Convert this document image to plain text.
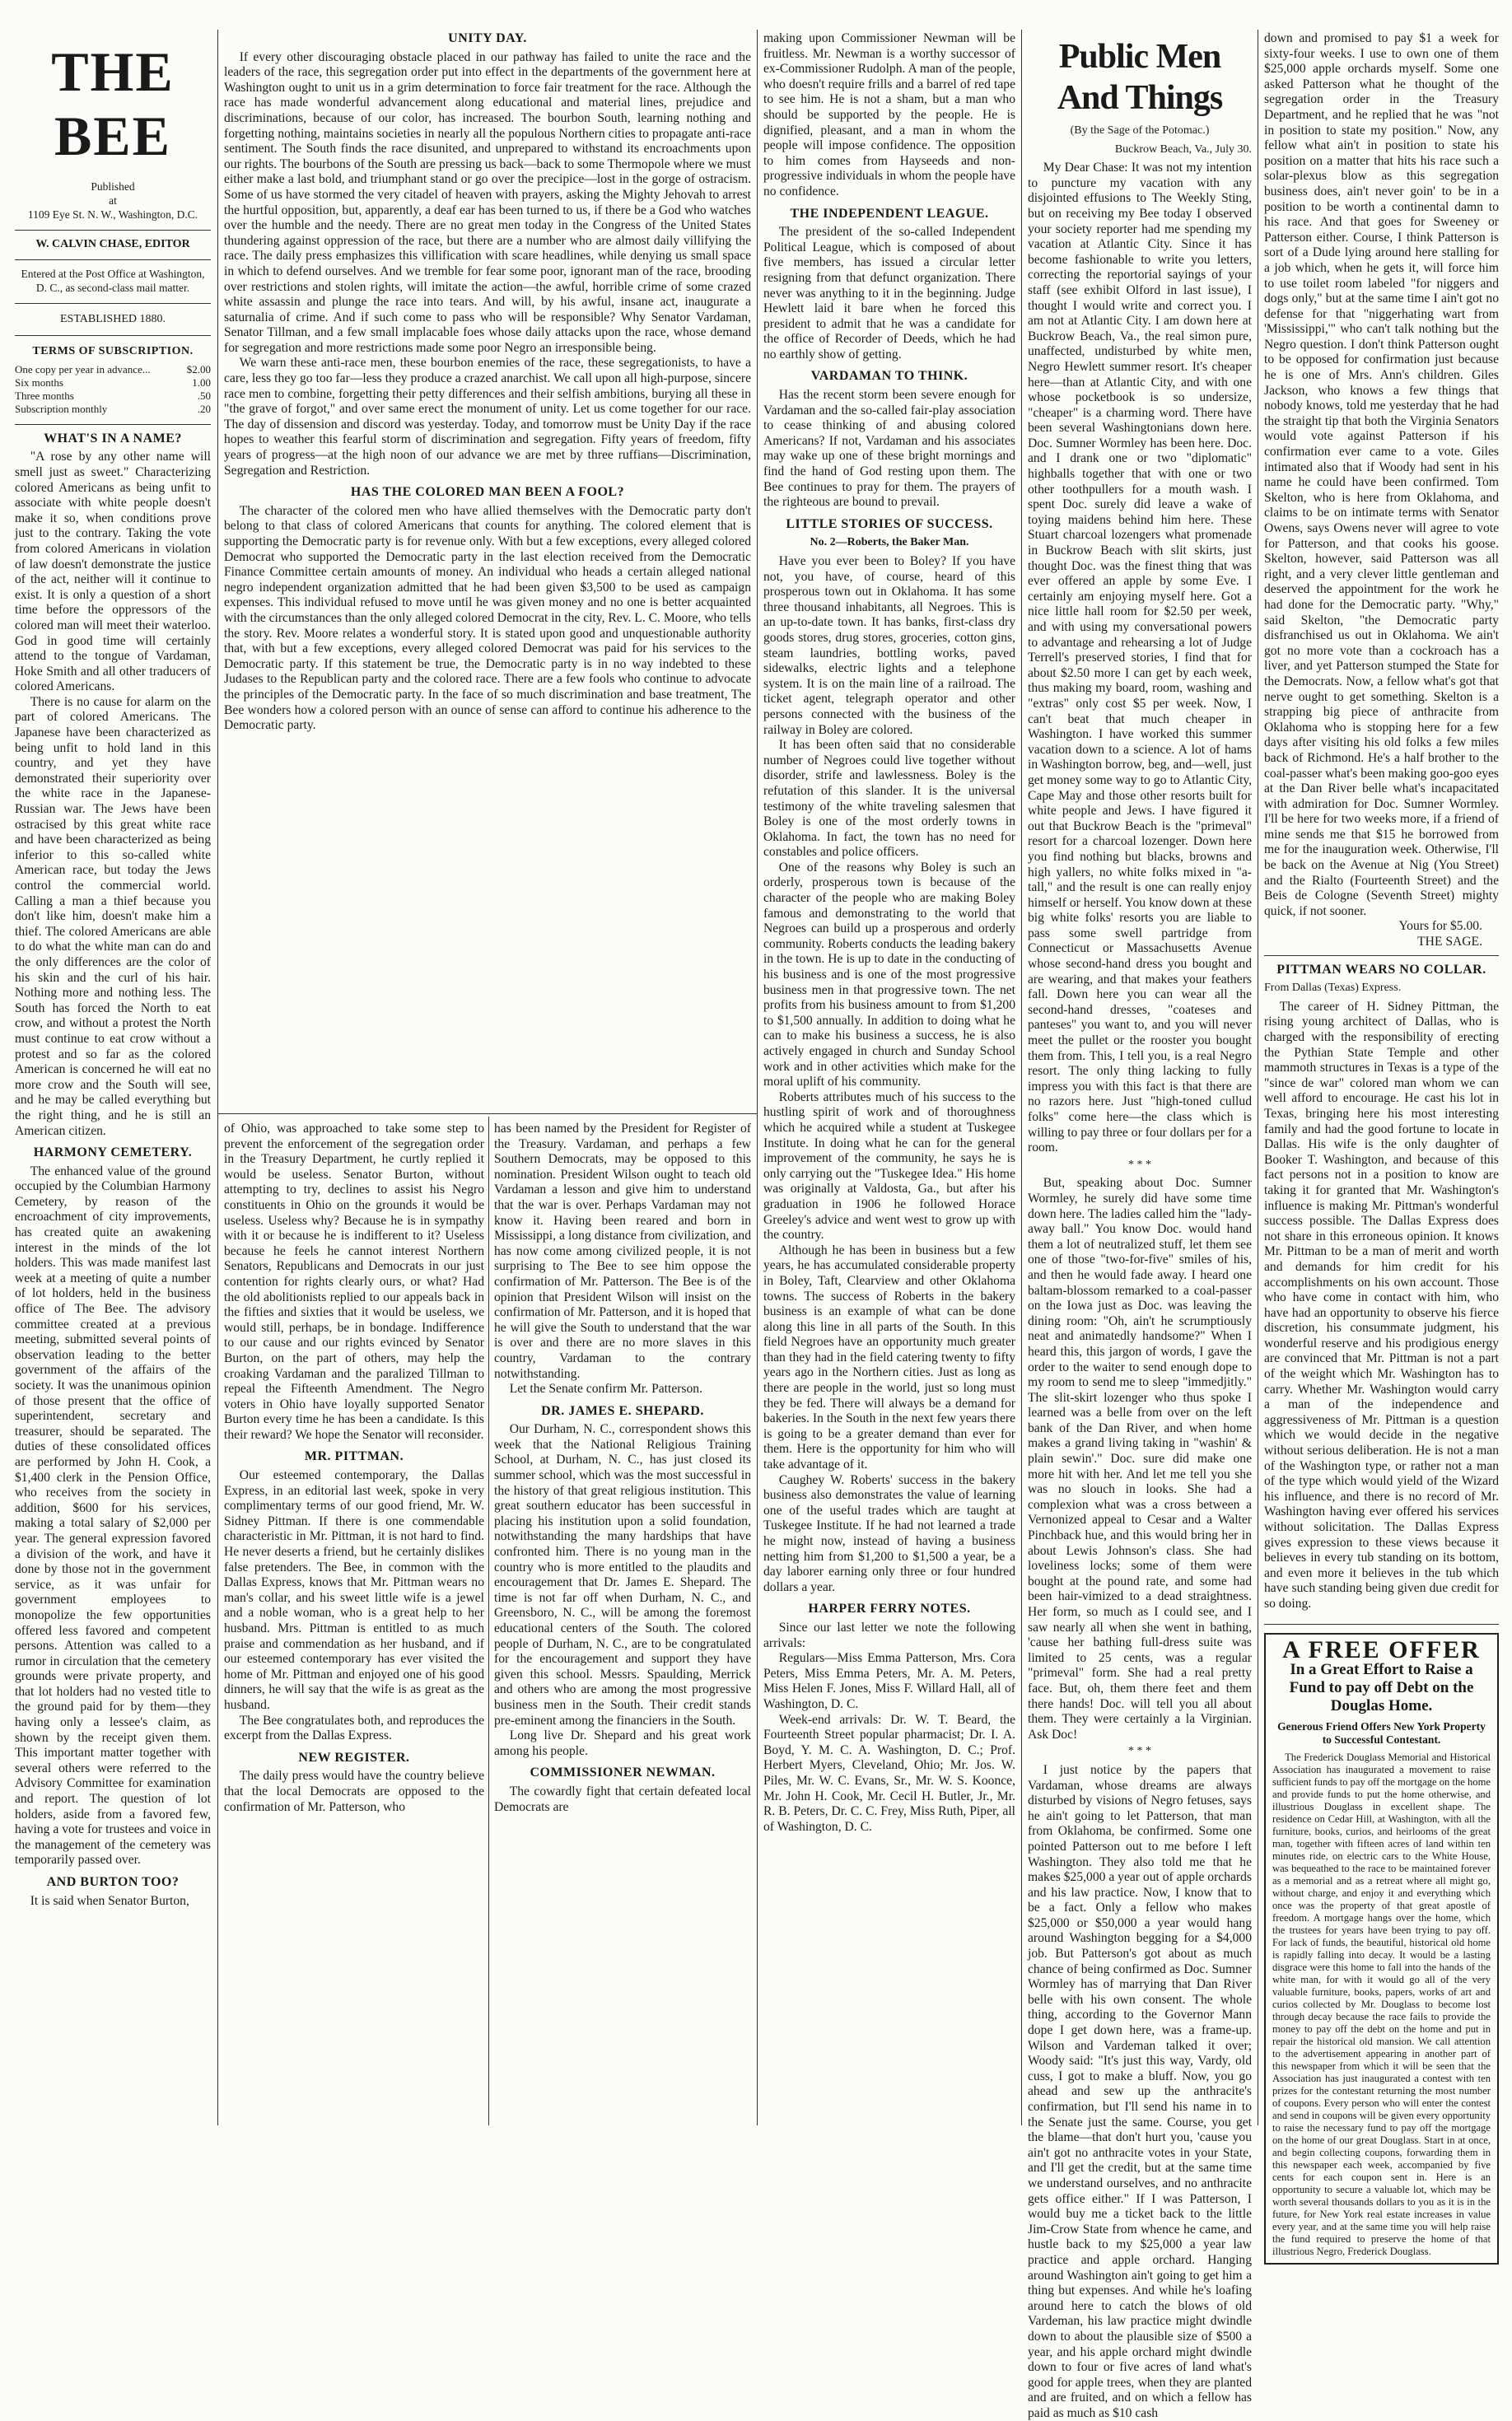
THE BEE
Published
at
1109 Eye St. N. W., Washington, D.C.
W. CALVIN CHASE, EDITOR
Entered at the Post Office at Washington, D. C., as second-class mail matter.
ESTABLISHED 1880.
TERMS OF SUBSCRIPTION.
One copy per year in advance...	$2.00
Six months	1.00
Three months	.50
Subscription monthly	.20
WHAT'S IN A NAME?

"A rose by any other name will smell just as sweet." Characterizing colored Americans as being unfit to associate with white people doesn't make it so, when conditions prove just to the contrary. Taking the vote from colored Americans in violation of law doesn't demonstrate the justice of the act, neither will it continue to exist. It is only a question of a short time before the oppressors of the colored man will meet their waterloo. God in good time will certainly attend to the tongue of Vardaman, Hoke Smith and all other traducers of colored Americans.

There is no cause for alarm on the part of colored Americans. The Japanese have been characterized as being unfit to hold land in this country, and yet they have demonstrated their superiority over the white race in the Japanese-Russian war. The Jews have been ostracised by this great white race and have been characterized as being inferior to this so-called white American race, but today the Jews control the commercial world. Calling a man a thief because you don't like him, doesn't make him a thief. The colored Americans are able to do what the white man can do and the only differences are the color of his skin and the curl of his hair. Nothing more and nothing less. The South has forced the North to eat crow, and without a protest the North must continue to eat crow without a protest and so far as the colored American is concerned he will eat no more crow and the South will see, and he may be called everything but the right thing, and he is still an American citizen.

HARMONY CEMETERY.

The enhanced value of the ground occupied by the Columbian Harmony Cemetery, by reason of the encroachment of city improvements, has created quite an awakening interest in the minds of the lot holders. This was made manifest last week at a meeting of quite a number of lot holders, held in the business office of The Bee. The advisory committee created at a previous meeting, submitted several points of observation leading to the better government of the affairs of the society. It was the unanimous opinion of those present that the office of superintendent, secretary and treasurer, should be separated. The duties of these consolidated offices are performed by John H. Cook, a $1,400 clerk in the Pension Office, who receives from the society in addition, $600 for his services, making a total salary of $2,000 per year. The general expression favored a division of the work, and have it done by those not in the government service, as it was unfair for government employees to monopolize the few opportunities offered less favored and competent persons. Attention was called to a rumor in circulation that the cemetery grounds were private property, and that lot holders had no vested title to the ground paid for by them—they having only a lessee's claim, as shown by the receipt given them. This important matter together with several others were referred to the Advisory Committee for examination and report. The question of lot holders, aside from a favored few, having a vote for trustees and voice in the management of the cemetery was temporarily passed over.

AND BURTON TOO?

It is said when Senator Burton,

UNITY DAY.

If every other discouraging obstacle placed in our pathway has failed to unite the race and the leaders of the race, this segregation order put into effect in the departments of the government here at Washington ought to unit us in a grim determination to force fair treatment for the race. Although the race has made wonderful advancement along educational and material lines, prejudice and discriminations, because of our color, has increased. The bourbon South, learning nothing and forgetting nothing, maintains societies in nearly all the populous Northern cities to propagate anti-race sentiment. The South finds the race disunited, and unprepared to withstand its encroachments upon our rights. The bourbons of the South are pressing us back—back to some Thermopole where we must either make a last bold, and triumphant stand or go over the precipice—lost in the gorge of ostracism. Some of us have stormed the very citadel of heaven with prayers, asking the Mighty Jehovah to arrest the hurtful opposition, but, apparently, a deaf ear has been turned to us, if there be a God who watches over the humble and the needy. There are no great men today in the Congress of the United States thundering against oppression of the race, but there are a number who are almost daily villifying the race. The daily press emphasizes this villification with scare headlines, while denying us small space in which to defend ourselves. And we tremble for fear some poor, ignorant man of the race, brooding over restrictions and stolen rights, will imitate the action—the awful, horrible crime of some crazed white assassin and plunge the race into tears. And will, by his awful, insane act, inaugurate a saturnalia of crime. And if such come to pass who will be responsible? Why Senator Vardaman, Senator Tillman, and a few small implacable foes whose daily attacks upon the race, whose demand for segregation and more restrictions made some poor Negro an irresponsible being.

We warn these anti-race men, these bourbon enemies of the race, these segregationists, to have a care, less they go too far—less they produce a crazed anarchist. We call upon all high-purpose, sincere race men to combine, forgetting their petty differences and their selfish ambitions, burying all these in "the grave of forgot," and over same erect the monument of unity. Let us come together for our race. The day of dissension and discord was yesterday. Today, and tomorrow must be Unity Day if the race hopes to weather this fearful storm of discrimination and segregation. Fifty years of freedom, fifty years of progress—at the high noon of our advance we are met by three ruffians—Discrimination, Segregation and Restriction.

HAS THE COLORED MAN BEEN A FOOL?

The character of the colored men who have allied themselves with the Democratic party don't belong to that class of colored Americans that counts for anything. The colored element that is supporting the Democratic party is for revenue only. With but a few exceptions, every alleged colored Democrat who supported the Democratic party in the last election received from the Democratic Finance Committee certain amounts of money. An individual who heads a certain alleged national negro independent organization admitted that he had been given $3,500 to be used as campaign expenses. This individual refused to move until he was given money and no one is better acquainted with the circumstances than the only alleged colored Democrat in the city, Rev. L. C. Moore, who tells the story. Rev. Moore relates a wonderful story. It is stated upon good and unquestionable authority that, with but a few exceptions, every alleged colored Democrat was paid for his services to the Democratic party. If this statement be true, the Democratic party is in no way indebted to these Judases to the Republican party and the colored race. There are a few fools who continue to advocate the principles of the Democratic party. In the face of so much discrimination and base treatment, The Bee wonders how a colored person with an ounce of sense can afford to continue his adherence to the Democratic party.

of Ohio, was approached to take some step to prevent the enforcement of the segregation order in the Treasury Department, he curtly replied it would be useless. Senator Burton, without attempting to try, declines to assist his Negro constituents in Ohio on the grounds it would be useless. Useless why? Because he is in sympathy with it or because he is indifferent to it? Useless because he feels he cannot interest Northern Senators, Republicans and Democrats in our just contention for rights clearly ours, or what? Had the old abolitionists replied to our appeals back in the fifties and sixties that it would be useless, we would still, perhaps, be in bondage. Indifference to our cause and our rights evinced by Senator Burton, on the part of others, may help the croaking Vardaman and the paralized Tillman to repeal the Fifteenth Amendment. The Negro voters in Ohio have loyally supported Senator Burton every time he has been a candidate. Is this their reward? We hope the Senator will reconsider.

MR. PITTMAN.

Our esteemed contemporary, the Dallas Express, in an editorial last week, spoke in very complimentary terms of our good friend, Mr. W. Sidney Pittman. If there is one commendable characteristic in Mr. Pittman, it is not hard to find. He never deserts a friend, but he certainly dislikes false pretenders. The Bee, in common with the Dallas Express, knows that Mr. Pittman wears no man's collar, and his sweet little wife is a jewel and a noble woman, who is a great help to her husband. Mrs. Pittman is entitled to as much praise and commendation as her husband, and if our esteemed contemporary has ever visited the home of Mr. Pittman and enjoyed one of his good dinners, he will say that the wife is as great as the husband.

The Bee congratulates both, and reproduces the excerpt from the Dallas Express.

NEW REGISTER.

The daily press would have the country believe that the local Democrats are opposed to the confirmation of Mr. Patterson, who

has been named by the President for Register of the Treasury. Vardaman, and perhaps a few Southern Democrats, may be opposed to this nomination. President Wilson ought to teach old Vardaman a lesson and give him to understand that the war is over. Perhaps Vardaman may not know it. Having been reared and born in Mississippi, a long distance from civilization, and has now come among civilized people, it is not surprising to The Bee to see him oppose the confirmation of Mr. Patterson. The Bee is of the opinion that President Wilson will insist on the confirmation of Mr. Patterson, and it is hoped that he will give the South to understand that the war is over and there are no more slaves in this country, Vardaman to the contrary notwithstanding.

Let the Senate confirm Mr. Patterson.

DR. JAMES E. SHEPARD.

Our Durham, N. C., correspondent shows this week that the National Religious Training School, at Durham, N. C., has just closed its summer school, which was the most successful in the history of that great religious institution. This great southern educator has been successful in placing his institution upon a solid foundation, notwithstanding the many hardships that have confronted him. There is no young man in the country who is more entitled to the plaudits and encouragement that Dr. James E. Shepard. The time is not far off when Durham, N. C., and Greensboro, N. C., will be among the foremost educational centers of the South. The colored people of Durham, N. C., are to be congratulated for the encouragement and support they have given this school. Messrs. Spaulding, Merrick and others who are among the most progressive business men in the South. Their credit stands pre-eminent among the financiers in the South.

Long live Dr. Shepard and his great work among his people.

COMMISSIONER NEWMAN.

The cowardly fight that certain defeated local Democrats are

making upon Commissioner Newman will be fruitless. Mr. Newman is a worthy successor of ex-Commissioner Rudolph. A man of the people, who doesn't require frills and a barrel of red tape to see him. He is not a sham, but a man who should be supported by the people. He is dignified, pleasant, and a man in whom the people will impose confidence. The opposition to him comes from Hayseeds and non-progressive individuals in whom the people have no confidence.

THE INDEPENDENT LEAGUE.

The president of the so-called Independent Political League, which is composed of about five members, has issued a circular letter resigning from that defunct organization. There never was anything to it in the beginning. Judge Hewlett laid it bare when he forced this president to admit that he was a candidate for the office of Recorder of Deeds, which he had no earthly show of getting.

VARDAMAN TO THINK.

Has the recent storm been severe enough for Vardaman and the so-called fair-play association to cease thinking of and abusing colored Americans? If not, Vardaman and his associates may wake up one of these bright mornings and find the hand of God resting upon them. The Bee continues to pray for them. The prayers of the righteous are bound to prevail.

LITTLE STORIES OF SUCCESS.
No. 2—Roberts, the Baker Man.

Have you ever been to Boley? If you have not, you have, of course, heard of this prosperous town out in Oklahoma. It has some three thousand inhabitants, all Negroes. This is an up-to-date town. It has banks, first-class dry goods stores, drug stores, groceries, cotton gins, steam laundries, bottling works, paved sidewalks, electric lights and a telephone system. It is on the main line of a railroad. The ticket agent, telegraph operator and other persons connected with the business of the railway in Boley are colored.

It has been often said that no considerable number of Negroes could live together without disorder, strife and lawlessness. Boley is the refutation of this slander. It is the universal testimony of the white traveling salesmen that Boley is one of the most orderly towns in Oklahoma. In fact, the town has no need for constables and police officers.

One of the reasons why Boley is such an orderly, prosperous town is because of the character of the people who are making Boley famous and demonstrating to the world that Negroes can build up a prosperous and orderly community. Roberts conducts the leading bakery in the town. He is up to date in the conducting of his business and is one of the most progressive business men in that progressive town. The net profits from his business amount to from $1,200 to $1,500 annually. In addition to doing what he can to make his business a success, he is also actively engaged in church and Sunday School work and in other activities which make for the moral uplift of his community.

Roberts attributes much of his success to the hustling spirit of work and of thoroughness which he acquired while a student at Tuskegee Institute. In doing what he can for the general improvement of the community, he says he is only carrying out the "Tuskegee Idea." His home was originally at Valdosta, Ga., but after his graduation in 1906 he followed Horace Greeley's advice and went west to grow up with the country.

Although he has been in business but a few years, he has accumulated considerable property in Boley, Taft, Clearview and other Oklahoma towns. The success of Roberts in the bakery business is an example of what can be done along this line in all parts of the South. In this field Negroes have an opportunity much greater than they had in the field catering twenty to fifty years ago in the Northern cities. Just as long as there are people in the world, just so long must they be fed. There will always be a demand for bakeries. In the South in the next few years there is going to be a greater demand than ever for them. Here is the opportunity for him who will take advantage of it.

Caughey W. Roberts' success in the bakery business also demonstrates the value of learning one of the useful trades which are taught at Tuskegee Institute. If he had not learned a trade he might now, instead of having a business netting him from $1,200 to $1,500 a year, be a day laborer earning only three or four hundred dollars a year.

HARPER FERRY NOTES.

Since our last letter we note the following arrivals:

Regulars—Miss Emma Patterson, Mrs. Cora Peters, Miss Emma Peters, Mr. A. M. Peters, Miss Helen F. Jones, Miss F. Willard Hall, all of Washington, D. C.

Week-end arrivals: Dr. W. T. Beard, the Fourteenth Street popular pharmacist; Dr. I. A. Boyd, Y. M. C. A. Washington, D. C.; Prof. Herbert Myers, Cleveland, Ohio; Mr. Jos. W. Piles, Mr. W. C. Evans, Sr., Mr. W. S. Koonce, Mr. John H. Cook, Mr. Cecil H. Butler, Jr., Mr. R. B. Peters, Dr. C. C. Frey, Miss Ruth, Piper, all of Washington, D. C.

Public Men And Things
(By the Sage of the Potomac.)
Buckrow Beach, Va., July 30.

My Dear Chase: It was not my intention to puncture my vacation with any disjointed effusions to The Weekly Sting, but on receiving my Bee today I observed your society reporter had me spending my vacation at Atlantic City. Since it has become fashionable to write you letters, correcting the reportorial sayings of your staff (see exhibit Olford in last issue), I thought I would write and correct you. I am not at Atlantic City. I am down here at Buckrow Beach, Va., the real simon pure, unaffected, undisturbed by white men, Negro Hewlett summer resort. It's cheaper here—than at Atlantic City, and with one whose pocketbook is so undersize, "cheaper" is a charming word. There have been several Washingtonians down here. Doc. Sumner Wormley has been here. Doc. and I drank one or two "diplomatic" highballs together that with one or two other toothpullers for a mouth wash. I spent Doc. surely did leave a wake of toying maidens behind him here. These Stuart charcoal lozengers what promenade in Buckrow Beach with slit skirts, just thought Doc. was the finest thing that was ever offered an apple by some Eve. I certainly am enjoying myself here. Got a nice little hall room for $2.50 per week, and with using my conversational powers to advantage and rehearsing a lot of Judge Terrell's preserved stories, I find that for about $2.50 more I can get by each week, thus making my board, room, washing and "extras" only cost $5 per week. Now, I can't beat that much cheaper in Washington. I have worked this summer vacation down to a science. A lot of hams in Washington borrow, beg, and—well, just get money some way to go to Atlantic City, Cape May and those other resorts built for white people and Jews. I have figured it out that Buckrow Beach is the "primeval" resort for a charcoal lozenger. Down here you find nothing but blacks, browns and high yallers, no white folks mixed in "a-tall," and the result is one can really enjoy himself or herself. You know down at these big white folks' resorts you are liable to pass some swell partridge from Connecticut or Massachusetts Avenue whose second-hand dress you bought and are wearing, and that makes your feathers fall. Down here you can wear all the second-hand dresses, "coateses and panteses" you want to, and you will never meet the pullet or the rooster you bought them from. This, I tell you, is a real Negro resort. The only thing lacking to fully impress you with this fact is that there are no razors here. Just "high-toned cullud folks" come here—the class which is willing to pay three or four dollars per for a room.

* * *

But, speaking about Doc. Sumner Wormley, he surely did have some time down here. The ladies called him the "lady-away ball." You know Doc. would hand them a lot of neutralized stuff, let them see one of those "two-for-five" smiles of his, and then he would fade away. I heard one baltam-blossom remarked to a coal-passer on the Iowa just as Doc. was leaving the dining room: "Oh, ain't he scrumptiously neat and animatedly handsome?" When I heard this, this jargon of words, I gave the order to the waiter to send enough dope to my room to send me to sleep "immedjitly." The slit-skirt lozenger who thus spoke I learned was a belle from over on the left bank of the Dan River, and when home makes a grand living taking in "washin' & plain sewin'." Doc. sure did make one more hit with her. And let me tell you she was no slouch in looks. She had a complexion what was a cross between a Vernonized appeal to Cesar and a Walter Pinchback hue, and this would bring her in about Lewis Johnson's class. She had loveliness locks; some of them were bought at the pound rate, and some had been hair-vimized to a dead straightness. Her form, so much as I could see, and I saw nearly all when she went in bathing, 'cause her bathing full-dress suite was limited to 25 cents, was a regular "primeval" form. She had a real pretty face. But, oh, them there feet and them there hands! Doc. will tell you all about them. They were certainly a la Virginian. Ask Doc!

* * *

I just notice by the papers that Vardaman, whose dreams are always disturbed by visions of Negro fetuses, says he ain't going to let Patterson, that man from Oklahoma, be confirmed. Some one pointed Patterson out to me before I left Washington. They also told me that he makes $25,000 a year out of apple orchards and his law practice. Now, I know that to be a fact. Only a fellow who makes $25,000 or $50,000 a year would hang around Washington begging for a $4,000 job. But Patterson's got about as much chance of being confirmed as Doc. Sumner Wormley has of marrying that Dan River belle with his own consent. The whole thing, according to the Governor Mann dope I get down here, was a frame-up. Wilson and Vardeman talked it over; Woody said: "It's just this way, Vardy, old cuss, I got to make a bluff. Now, you go ahead and sew up the anthracite's confirmation, but I'll send his name in to the Senate just the same. Course, you get the blame—that don't hurt you, 'cause you ain't got no anthracite votes in your State, and I'll get the credit, but at the same time we understand ourselves, and no anthracite gets office either." If I was Patterson, I would buy me a ticket back to the little Jim-Crow State from whence he came, and hustle back to my $25,000 a year law practice and apple orchard. Hanging around Washington ain't going to get him a thing but expenses. And while he's loafing around here to catch the blows of old Vardeman, his law practice might dwindle down to about the plausible size of $500 a year, and his apple orchard might dwindle down to four or five acres of land what's good for apple trees, when they are planted and are fruited, and on which a fellow has paid as much as $10 cash

down and promised to pay $1 a week for sixty-four weeks. I use to own one of them $25,000 apple orchards myself. Some one asked Patterson what he thought of the segregation order in the Treasury Department, and he replied that he was "not in position to state my position." Now, any fellow what ain't in position to state his position on a matter that hits his race such a solar-plexus blow as this segregation business does, ain't never goin' to be in a position to be worth a continental damn to his race. And that goes for Sweeney or Patterson either. Course, I think Patterson is sort of a Dude lying around here stalling for a job which, when he gets it, will force him to use toilet room labeled "for niggers and dogs only," but at the same time I ain't got no defense for that "niggerhating wart from 'Mississippi,'" who can't talk nothing but the Negro question. I don't think Patterson ought to be opposed for confirmation just because he is one of Mrs. Ann's children. Giles Jackson, who knows a few things that nobody knows, told me yesterday that he had the straight tip that both the Virginia Senators would vote against Patterson if his confirmation ever came to a vote. Giles intimated also that if Woody had sent in his name he could have been confirmed. Tom Skelton, who is here from Oklahoma, and claims to be on intimate terms with Senator Owens, says Owens never will agree to vote for Patterson, and that cooks his goose. Skelton, however, said Patterson was all right, and a very clever little gentleman and deserved the appointment for the work he had done for the Democratic party. "Why," said Skelton, "the Democratic party disfranchised us out in Oklahoma. We ain't got no more vote than a cockroach has a liver, and yet Patterson stumped the State for the Democrats. Now, a fellow what's got that nerve ought to get something. Skelton is a strapping big piece of anthracite from Oklahoma who is stopping here for a few days after visiting his old folks a few miles back of Richmond. He's a half brother to the coal-passer what's been making goo-goo eyes at the Dan River belle what's incapacitated with admiration for Doc. Sumner Wormley. I'll be here for two weeks more, if a friend of mine sends me that $15 he borrowed from me for the inauguration week. Otherwise, I'll be back on the Avenue at Nig (You Street) and the Rialto (Fourteenth Street) and the Beis de Cologne (Seventh Street) mighty quick, if not sooner.

Yours for $5.00.
THE SAGE.
PITTMAN WEARS NO COLLAR.
From Dallas (Texas) Express.

The career of H. Sidney Pittman, the rising young architect of Dallas, who is charged with the responsibility of erecting the Pythian State Temple and other mammoth structures in Texas is a type of the "since de war" colored man whom we can well afford to encourage. He cast his lot in Texas, bringing here his most interesting family and had the good fortune to locate in Dallas. His wife is the only daughter of Booker T. Washington, and because of this fact persons not in a position to know are taking it for granted that Mr. Washington's influence is making Mr. Pittman's wonderful success possible. The Dallas Express does not share in this erroneous opinion. It knows Mr. Pittman to be a man of merit and worth and demands for him credit for his accomplishments on his own account. Those who have come in contact with him, who have had an opportunity to observe his fierce discretion, his consummate judgment, his wonderful reserve and his prodigious energy are convinced that Mr. Pittman is not a part of the weight which Mr. Washington has to carry. Whether Mr. Washington would carry a man of the independence and aggressiveness of Mr. Pittman is a question which we would decide in the negative without serious deliberation. He is not a man of the Washington type, or rather not a man of the type which would yield of the Wizard his influence, and there is no record of Mr. Washington having ever offered his services without solicitation. The Dallas Express gives expression to these views because it believes in every tub standing on its bottom, and even more it believes in the tub which have such standing being given due credit for so doing.

A FREE OFFER
In a Great Effort to Raise a Fund to pay off Debt on the Douglas Home.
Generous Friend Offers New York Property to Successful Contestant.

The Frederick Douglass Memorial and Historical Association has inaugurated a movement to raise sufficient funds to pay off the mortgage on the home and provide funds to put the home otherwise, and illustrious Douglass in excellent shape. The residence on Cedar Hill, at Washington, with all the furniture, books, curios, and heirlooms of the great man, together with fifteen acres of land within ten minutes ride, on electric cars to the White House, was bequeathed to the race to be maintained forever as a memorial and as a retreat where all might go, without charge, and enjoy it and everything which once was the property of that great apostle of freedom. A mortgage hangs over the home, which the trustees for years have been trying to pay off. For lack of funds, the beautiful, historical old home is rapidly falling into decay. It would be a lasting disgrace were this home to fall into the hands of the white man, for with it would go all of the very valuable furniture, books, papers, works of art and curios collected by Mr. Douglass to become lost through decay because the race fails to provide the money to pay off the debt on the home and put in repair the historical old mansion. We call attention to the advertisement appearing in another part of this newspaper from which it will be seen that the Association has just inaugurated a contest with ten prizes for the contestant returning the most number of coupons. Every person who will enter the contest and send in coupons will be given every opportunity to raise the necessary fund to pay off the mortgage on the home of our great Douglass. Start in at once, and begin collecting coupons, forwarding them in this newspaper each week, accompanied by five cents for each coupon sent in. Here is an opportunity to secure a valuable lot, which may be worth several thousands dollars to you as it is in the future, for New York real estate increases in value every year, and at the same time you will help raise the fund required to preserve the home of that illustrious Negro, Frederick Douglass.
